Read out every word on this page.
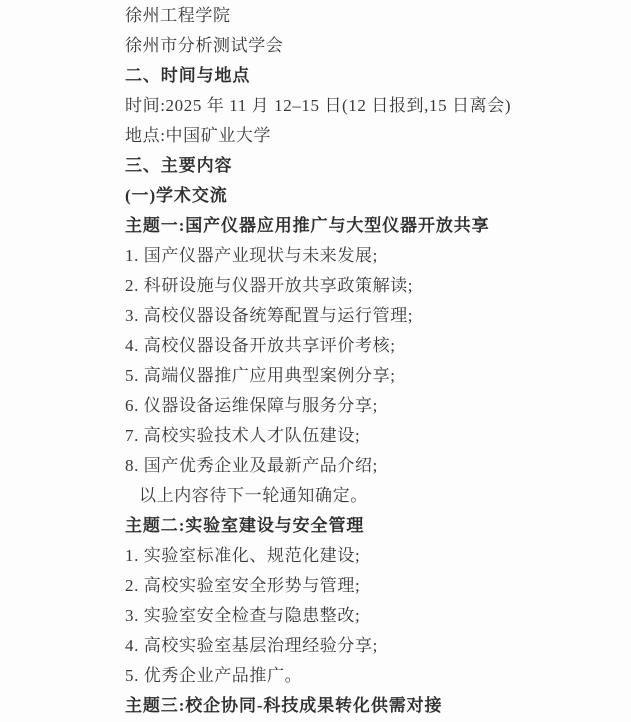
徐州工程学院
徐州市分析测试学会
二、时间与地点
时间:2025 年 11 月 12–15 日(12 日报到,15 日离会)
地点:中国矿业大学
三、主要内容
(一)学术交流
主题一:国产仪器应用推广与大型仪器开放共享
1. 国产仪器产业现状与未来发展;
2. 科研设施与仪器开放共享政策解读;
3. 高校仪器设备统筹配置与运行管理;
4. 高校仪器设备开放共享评价考核;
5. 高端仪器推广应用典型案例分享;
6. 仪器设备运维保障与服务分享;
7. 高校实验技术人才队伍建设;
8. 国产优秀企业及最新产品介绍;
以上内容待下一轮通知确定。
主题二:实验室建设与安全管理
1. 实验室标准化、规范化建设;
2. 高校实验室安全形势与管理;
3. 实验室安全检查与隐患整改;
4. 高校实验室基层治理经验分享;
5. 优秀企业产品推广。
主题三:校企协同-科技成果转化供需对接
